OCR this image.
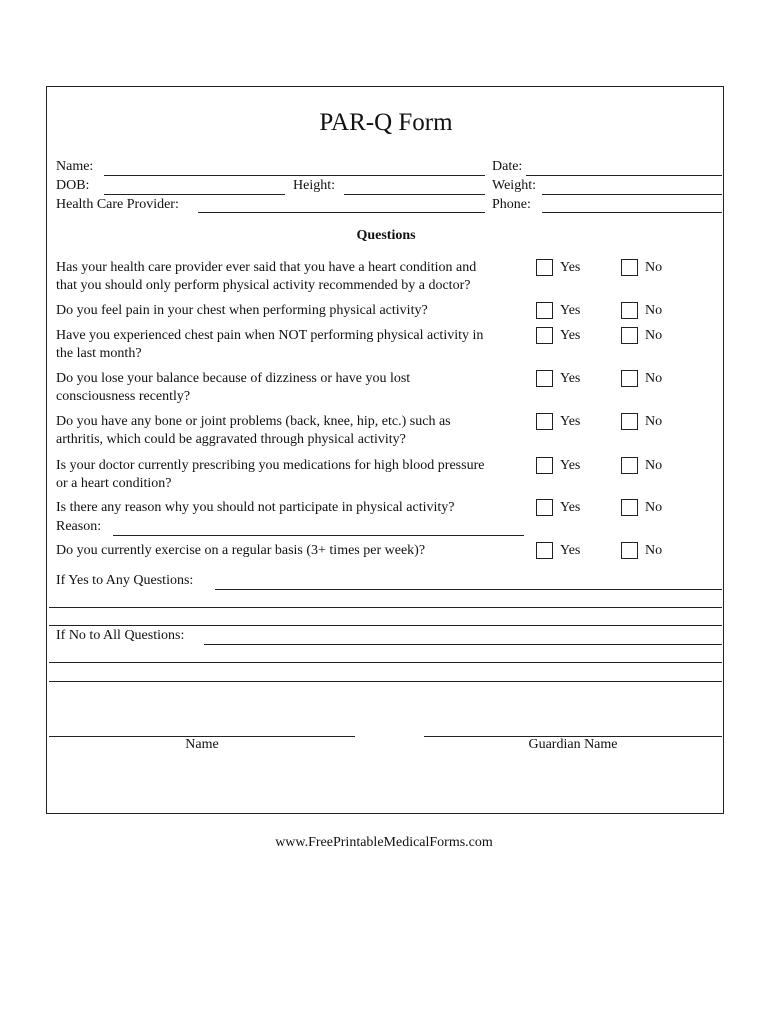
PAR-Q Form
Name:	Date:
DOB:	Height:	Weight:
Health Care Provider:	Phone:
Questions
Has your health care provider ever said that you have a heart condition and
that you should only perform physical activity recommended by a doctor?
Yes	No
Do you feel pain in your chest when performing physical activity?	Yes	No
Have you experienced chest pain when NOT performing physical activity in
the last month?
Yes	No
Do you lose your balance because of dizziness or have you lost
consciousness recently?
Yes	No
Do you have any bone or joint problems (back, knee, hip, etc.) such as
arthritis, which could be aggravated through physical activity?
Yes	No
Is your doctor currently prescribing you medications for high blood pressure
or a heart condition?
Yes	No
Is there any reason why you should not participate in physical activity?
Reason:
Yes	No
Do you currently exercise on a regular basis (3+ times per week)?	Yes	No
If Yes to Any Questions:
If No to All Questions:
Name	Guardian Name
www.FreePrintableMedicalForms.com
